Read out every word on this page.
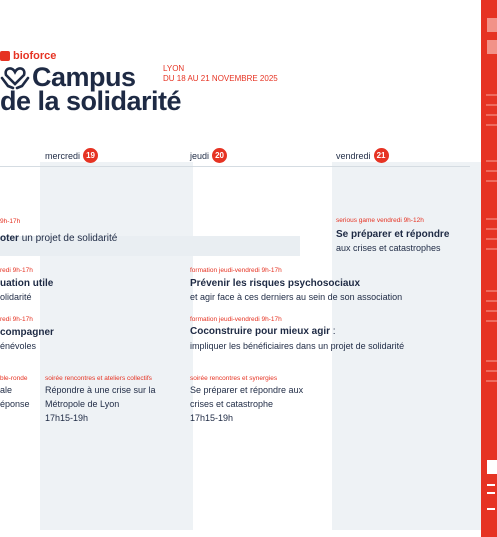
bioforce
Campus
de la solidarité
LYON
DU 18 AU 21 NOVEMBRE 2025
mercredi 19	jeudi 20	vendredi 21
9h-17h
oter un projet de solidarité
serious game vendredi 9h-12h
Se préparer et répondre
aux crises et catastrophes
redi 9h-17h
uation utile
olidarité
formation jeudi-vendredi 9h-17h
Prévenir les risques psychosociaux
et agir face à ces derniers au sein de son association
redi 9h-17h
compagner
énévoles
formation jeudi-vendredi 9h-17h
Coconstruire pour mieux agir :
impliquer les bénéficiaires dans un projet de solidarité
ble-ronde
ale
éponse
soirée rencontres et ateliers collectifs
Répondre à une crise sur la
Métropole de Lyon
17h15-19h
soirée rencontres et synergies
Se préparer et répondre aux
crises et catastrophe
17h15-19h
